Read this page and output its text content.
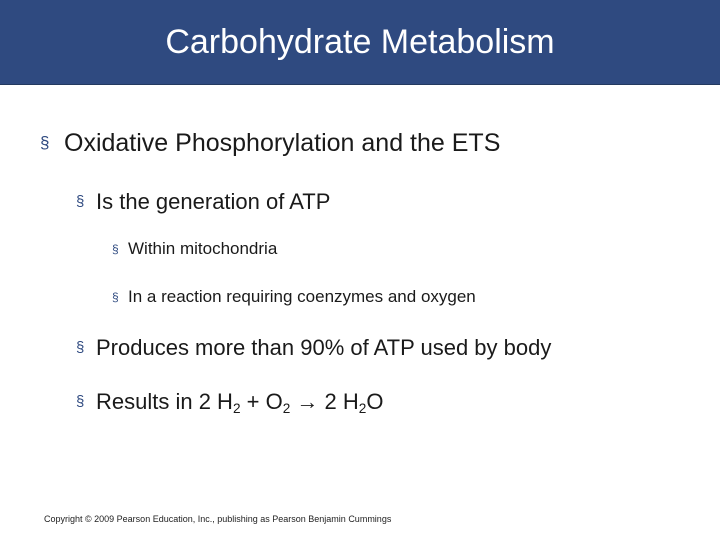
Carbohydrate Metabolism
§ Oxidative Phosphorylation and the ETS
§ Is the generation of ATP
§ Within mitochondria
§ In a reaction requiring coenzymes and oxygen
§ Produces more than 90% of ATP used by body
§ Results in 2 $H_2 + O_2 \to 2$ $H_2O$
Copyright © 2009 Pearson Education, Inc., publishing as Pearson Benjamin Cummings
